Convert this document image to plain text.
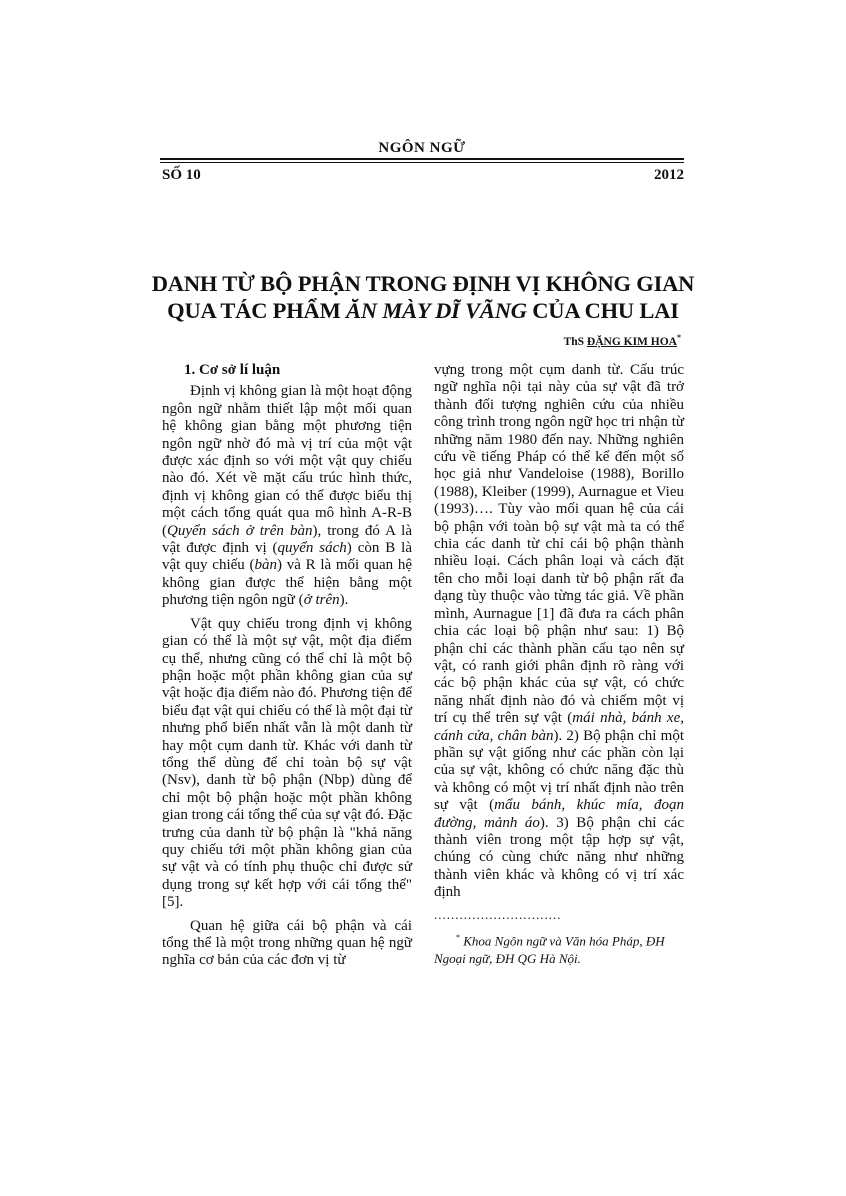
NGÔN NGỮ
SỐ 10	2012
DANH TỪ BỘ PHẬN TRONG ĐỊNH VỊ KHÔNG GIAN
QUA TÁC PHẨM ĂN MÀY DĨ VÃNG CỦA CHU LAI
ThS ĐẶNG KIM HOA*
1. Cơ sở lí luận

Định vị không gian là một hoạt động ngôn ngữ nhằm thiết lập một mối quan hệ không gian bằng một phương tiện ngôn ngữ nhờ đó mà vị trí của một vật được xác định so với một vật quy chiếu nào đó. Xét về mặt cấu trúc hình thức, định vị không gian có thể được biểu thị một cách tổng quát qua mô hình A-R-B (Quyển sách ở trên bàn), trong đó A là vật được định vị (quyển sách) còn B là vật quy chiếu (bàn) và R là mối quan hệ không gian được thể hiện bằng một phương tiện ngôn ngữ (ở trên).

Vật quy chiếu trong định vị không gian có thể là một sự vật, một địa điểm cụ thể, nhưng cũng có thể chỉ là một bộ phận hoặc một phần không gian của sự vật hoặc địa điểm nào đó. Phương tiện để biểu đạt vật qui chiếu có thể là một đại từ nhưng phổ biến nhất vẫn là một danh từ hay một cụm danh từ. Khác với danh từ tổng thể dùng để chỉ toàn bộ sự vật (Nsv), danh từ bộ phận (Nbp) dùng để chỉ một bộ phận hoặc một phần không gian trong cái tổng thể của sự vật đó. Đặc trưng của danh từ bộ phận là "khả năng quy chiếu tới một phần không gian của sự vật và có tính phụ thuộc chỉ được sử dụng trong sự kết hợp với cái tổng thể" [5].

Quan hệ giữa cái bộ phận và cái tổng thể là một trong những quan hệ ngữ nghĩa cơ bản của các đơn vị từ

vựng trong một cụm danh từ. Cấu trúc ngữ nghĩa nội tại này của sự vật đã trở thành đối tượng nghiên cứu của nhiều công trình trong ngôn ngữ học tri nhận từ những năm 1980 đến nay. Những nghiên cứu về tiếng Pháp có thể kể đến một số học giả như Vandeloise (1988), Borillo (1988), Kleiber (1999), Aurnague et Vieu (1993)…. Tùy vào mối quan hệ của cái bộ phận với toàn bộ sự vật mà ta có thể chia các danh từ chỉ cái bộ phận thành nhiều loại. Cách phân loại và cách đặt tên cho mỗi loại danh từ bộ phận rất đa dạng tùy thuộc vào từng tác giả. Về phần mình, Aurnague [1] đã đưa ra cách phân chia các loại bộ phận như sau: 1) Bộ phận chỉ các thành phần cấu tạo nên sự vật, có ranh giới phân định rõ ràng với các bộ phận khác của sự vật, có chức năng nhất định nào đó và chiếm một vị trí cụ thể trên sự vật (mái nhà, bánh xe, cánh cửa, chân bàn). 2) Bộ phận chỉ một phần sự vật giống như các phần còn lại của sự vật, không có chức năng đặc thù và không có một vị trí nhất định nào trên sự vật (mẩu bánh, khúc mía, đoạn đường, mảnh áo). 3) Bộ phận chỉ các thành viên trong một tập hợp sự vật, chúng có cùng chức năng như những thành viên khác và không có vị trí xác định

..............................
* Khoa Ngôn ngữ và Văn hóa Pháp, ĐH Ngoại ngữ, ĐH QG Hà Nội.
